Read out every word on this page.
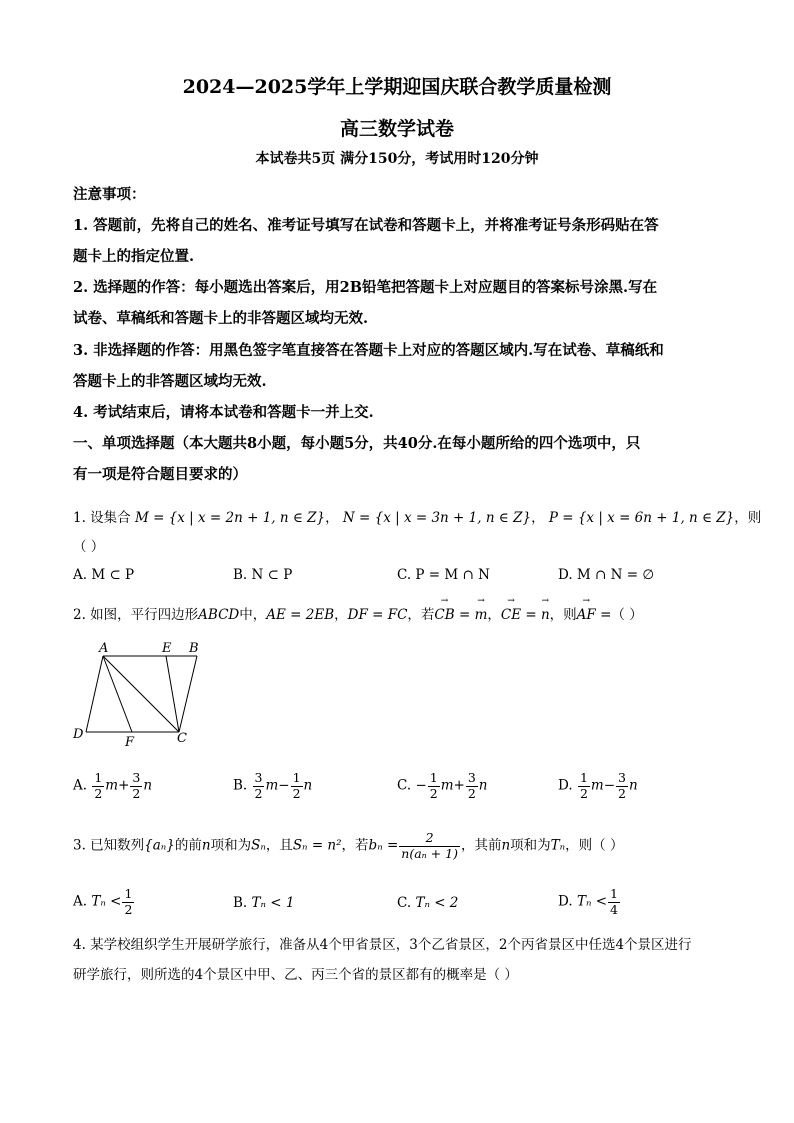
2024—2025学年上学期迎国庆联合教学质量检测
高三数学试卷
本试卷共5页 满分150分，考试用时120分钟
注意事项：
1. 答题前，先将自己的姓名、准考证号填写在试卷和答题卡上，并将准考证号条形码贴在答
题卡上的指定位置.
2. 选择题的作答：每小题选出答案后，用2B铅笔把答题卡上对应题目的答案标号涂黑.写在
试卷、草稿纸和答题卡上的非答题区域均无效.
3. 非选择题的作答：用黑色签字笔直接答在答题卡上对应的答题区域内.写在试卷、草稿纸和
答题卡上的非答题区域均无效.
4. 考试结束后，请将本试卷和答题卡一并上交.
一、单项选择题（本大题共8小题，每小题5分，共40分.在每小题所给的四个选项中，只
有一项是符合题目要求的）
1. 设集合 M = {x | x = 2n + 1, n ∈ Z}， N = {x | x = 3n + 1, n ∈ Z}， P = {x | x = 6n + 1, n ∈ Z}，则
（ ）
A. M ⊂ P	B. N ⊂ P	C. P = M ∩ N	D. M ∩ N = ∅
2. 如图，平行四边形ABCD中，AE = 2EB，DF = FC，若→ CB = → m，→ CE = → n，则→ AF =（ ）
A	E B
D
F	C
A. $\frac{1}{2} m+ \frac{3}{2}$ n	B. $\frac{3}{2} m- \frac{1}{2}$ n	C. − $\frac{1}{2} m+ \frac{3}{2}$ n	D. $\frac{1}{2} m- \frac{3}{2}$ n
3. 已知数列{aₙ}的前n项和为Sₙ，且Sₙ = n²，若$b_n = \frac{2}{\text{n(aₙ + 1)}}$ ，其前n项和为Tₙ，则（ ）
A. $T_n < \frac{1}{2}$	B. Tₙ < 1	C. Tₙ < 2	D. $T_n < \frac{1}{4}$
4. 某学校组织学生开展研学旅行，准备从4个甲省景区，3个乙省景区，2个丙省景区中任选4个景区进行
研学旅行，则所选的4个景区中甲、乙、丙三个省的景区都有的概率是（ ）
